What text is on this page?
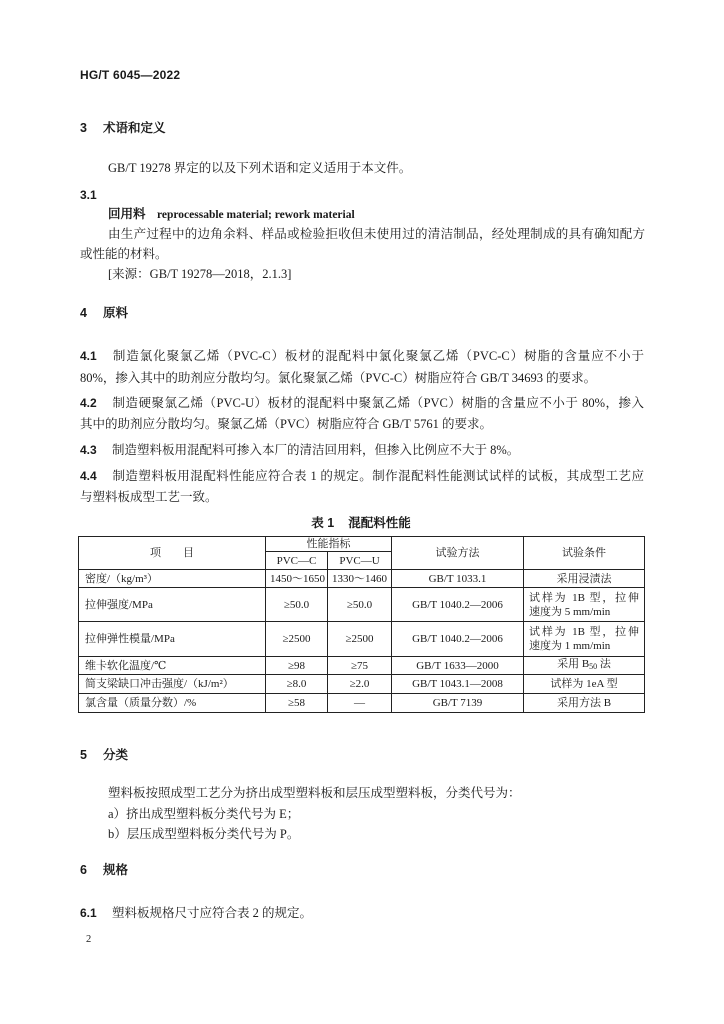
HG/T 6045—2022
3 术语和定义
GB/T 19278 界定的以及下列术语和定义适用于本文件。
3.1
回用料 reprocessable material; rework material
由生产过程中的边角余料、样品或检验拒收但未使用过的清洁制品，经处理制成的具有确知配方
或性能的材料。
[来源：GB/T 19278—2018，2.1.3]
4 原料
4.1 制造氯化聚氯乙烯（PVC-C）板材的混配料中氯化聚氯乙烯（PVC-C）树脂的含量应不小于
80%，掺入其中的助剂应分散均匀。氯化聚氯乙烯（PVC-C）树脂应符合 GB/T 34693 的要求。
4.2 制造硬聚氯乙烯（PVC-U）板材的混配料中聚氯乙烯（PVC）树脂的含量应不小于 80%，掺入
其中的助剂应分散均匀。聚氯乙烯（PVC）树脂应符合 GB/T 5761 的要求。
4.3 制造塑料板用混配料可掺入本厂的清洁回用料，但掺入比例应不大于 8%。
4.4 制造塑料板用混配料性能应符合表 1 的规定。制作混配料性能测试试样的试板，其成型工艺应
与塑料板成型工艺一致。
表 1 混配料性能
项　　目	性能指标		试验方法	试验条件
	PVC—C	PVC—U		
密度/（kg/m³）	1450～1650	1330～1460	GB/T 1033.1	采用浸渍法
拉伸强度/MPa	≥50.0	≥50.0	GB/T 1040.2—2006	试样为 1B 型，拉伸
速度为 5 mm/min

拉伸弹性模量/MPa	≥2500	≥2500	GB/T 1040.2—2006	试样为 1B 型，拉伸
速度为 1 mm/min

维卡软化温度/℃	≥98	≥75	GB/T 1633—2000	采用 $B_{50}$ 法
简支梁缺口冲击强度/（kJ/m²）	≥8.0	≥2.0	GB/T 1043.1—2008	试样为 1eA 型
氯含量（质量分数）/%	≥58	—	GB/T 7139	采用方法 B
5 分类
塑料板按照成型工艺分为挤出成型塑料板和层压成型塑料板，分类代号为：
a）挤出成型塑料板分类代号为 E；
b）层压成型塑料板分类代号为 P。
6 规格
6.1 塑料板规格尺寸应符合表 2 的规定。
2
